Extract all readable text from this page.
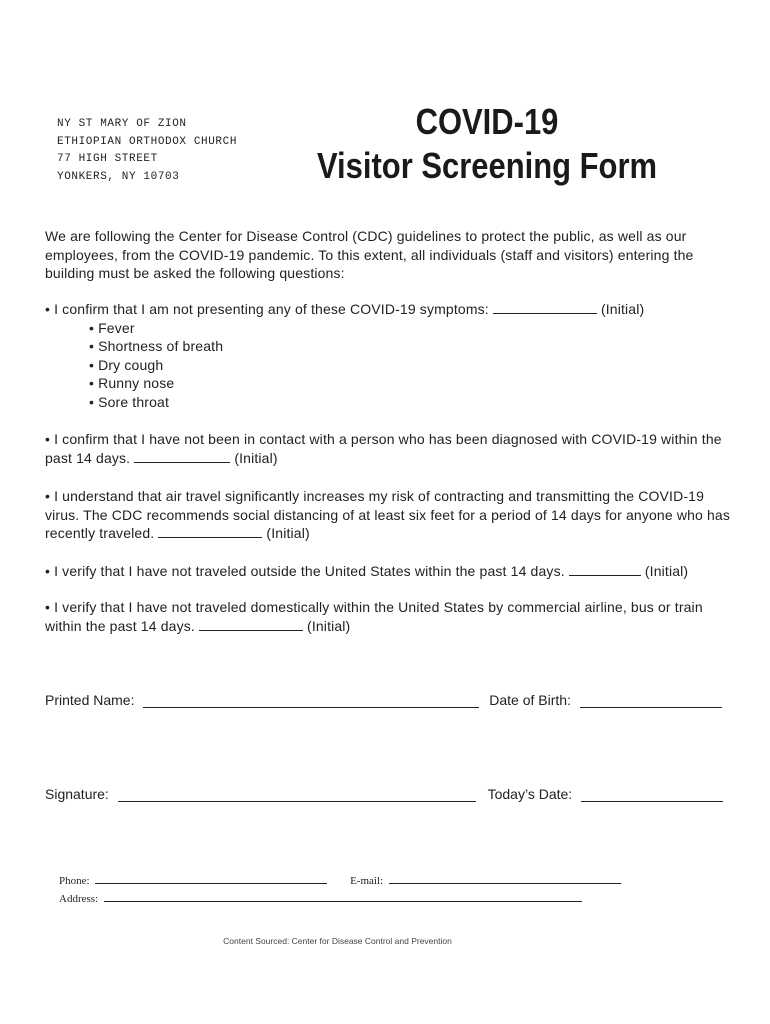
NY ST MARY OF ZION
ETHIOPIAN ORTHODOX CHURCH
77 HIGH STREET
YONKERS, NY 10703
COVID-19
Visitor Screening Form
We are following the Center for Disease Control (CDC) guidelines to protect the public, as well as our employees, from the COVID-19 pandemic. To this extent, all individuals (staff and visitors) entering the building must be asked the following questions:
• I confirm that I am not presenting any of these COVID-19 symptoms:	(Initial)
• Fever
• Shortness of breath
• Dry cough
• Runny nose
• Sore throat
• I confirm that I have not been in contact with a person who has been diagnosed with COVID-19 within the past 14 days.	(Initial)
• I understand that air travel significantly increases my risk of contracting and transmitting the COVID-19 virus. The CDC recommends social distancing of at least six feet for a period of 14 days for anyone who has recently traveled.	(Initial)
• I verify that I have not traveled outside the United States within the past 14 days.	(Initial)
• I verify that I have not traveled domestically within the United States by commercial airline, bus or train within the past 14 days.	(Initial)
Printed Name:	Date of Birth:
Signature:	Today’s Date:
Phone:	E-mail:
Address:
Content Sourced: Center for Disease Control and Prevention
